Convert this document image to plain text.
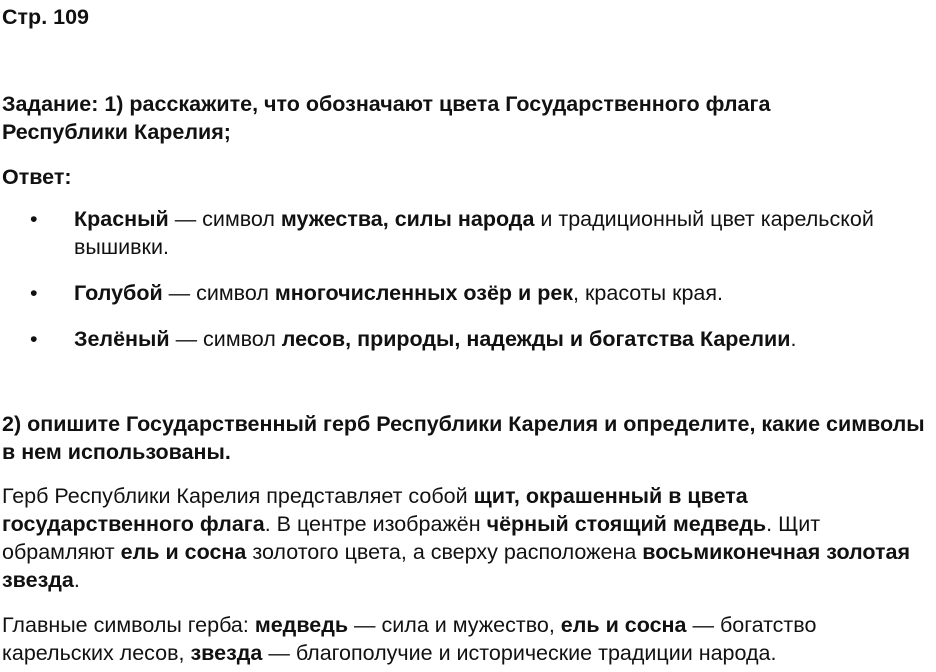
Стр. 109

Задание: 1) расскажите, что обозначают цвета Государственного флага Республики Карелия;

Ответ:

• Красный — символ мужества, силы народа и традиционный цвет карельской вышивки.
• Голубой — символ многочисленных озёр и рек, красоты края.
• Зелёный — символ лесов, природы, надежды и богатства Карелии.

2) опишите Государственный герб Республики Карелия и определите, какие символы в нем использованы.

Герб Республики Карелия представляет собой щит, окрашенный в цвета государственного флага. В центре изображён чёрный стоящий медведь. Щит обрамляют ель и сосна золотого цвета, а сверху расположена восьмиконечная золотая звезда.

Главные символы герба: медведь — сила и мужество, ель и сосна — богатство карельских лесов, звезда — благополучие и исторические традиции народа.
